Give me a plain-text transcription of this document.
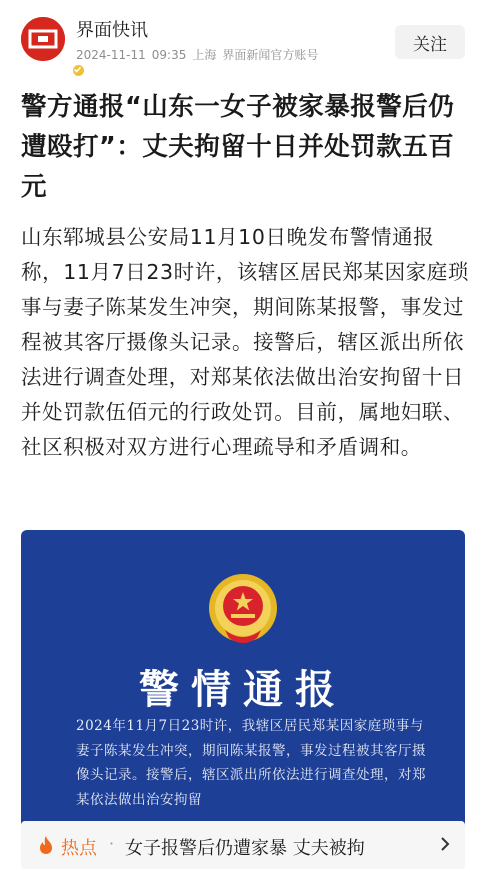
界面快讯
2024-11-11 09:35 上海 界面新闻官方账号
关注
警方通报“山东一女子被家暴报警后仍遭殴打”：丈夫拘留十日并处罚款五百元
山东郓城县公安局11月10日晚发布警情通报称，11月7日23时许，该辖区居民郑某因家庭琐事与妻子陈某发生冲突，期间陈某报警，事发过程被其客厅摄像头记录。接警后，辖区派出所依法进行调查处理，对郑某依法做出治安拘留十日并处罚款伍佰元的行政处罚。目前，属地妇联、社区积极对双方进行心理疏导和矛盾调和。
警情通报
2024年11月7日23时许，我辖区居民郑某因家庭琐事与妻子陈某发生冲突，期间陈某报警，事发过程被其客厅摄像头记录。接警后，辖区派出所依法进行调查处理，对郑某依法做出治安拘留
热点 · 女子报警后仍遭家暴 丈夫被拘
